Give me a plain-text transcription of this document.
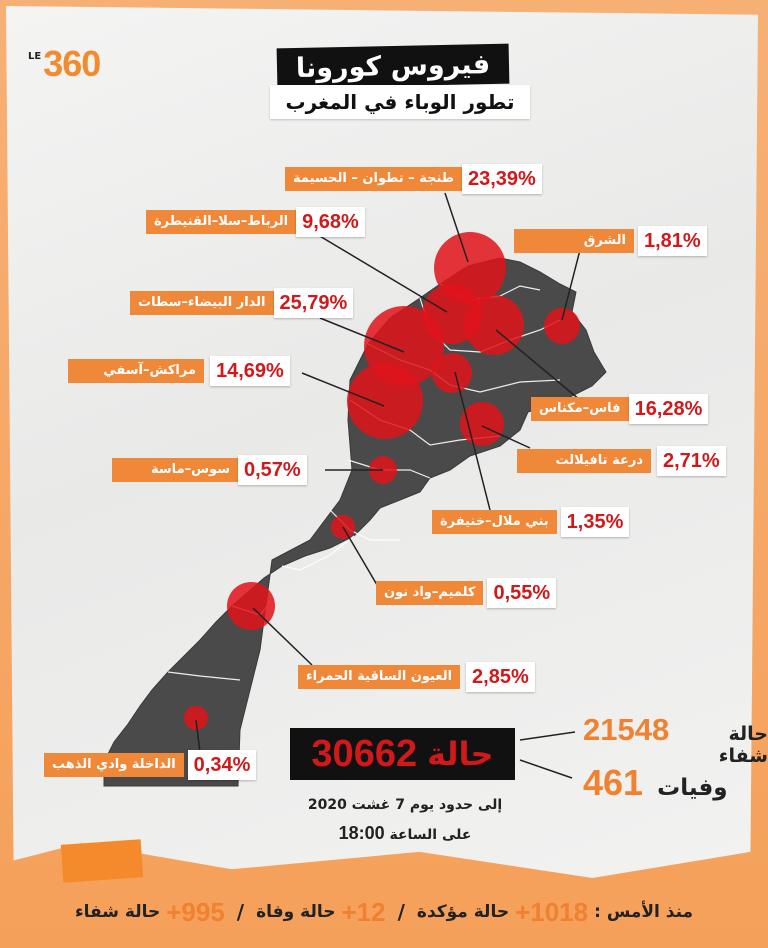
LE 360	فيروس كورونا
تطور الوباء في المغرب
طنجة – تطوان – الحسيمة 23,39%
الرباط–سلا–القنيطرة 9,68%
الشرق 1,81%
الدار البيضاء–سطات 25,79%
مراكش–آسفي	14,69%
فاس–مكناس 16,28%
درعة تافيلالت	2,71%
سوس–ماسة 0,57%
بني ملال–خنيفرة 1,35%
كلميم–واد نون 0,55%
العيون الساقية الحمراء	2,85%
الداخلة وادي الذهب 0,34%	حالة
30662	حالة شفاء
21548
وفيات
461
إلى حدود يوم 7 غشت 2020
على الساعة 18:00
منذ الأمس :
+1018
حالة مؤكدة
/
+12
حالة وفاة
/
+995
حالة شفاء
